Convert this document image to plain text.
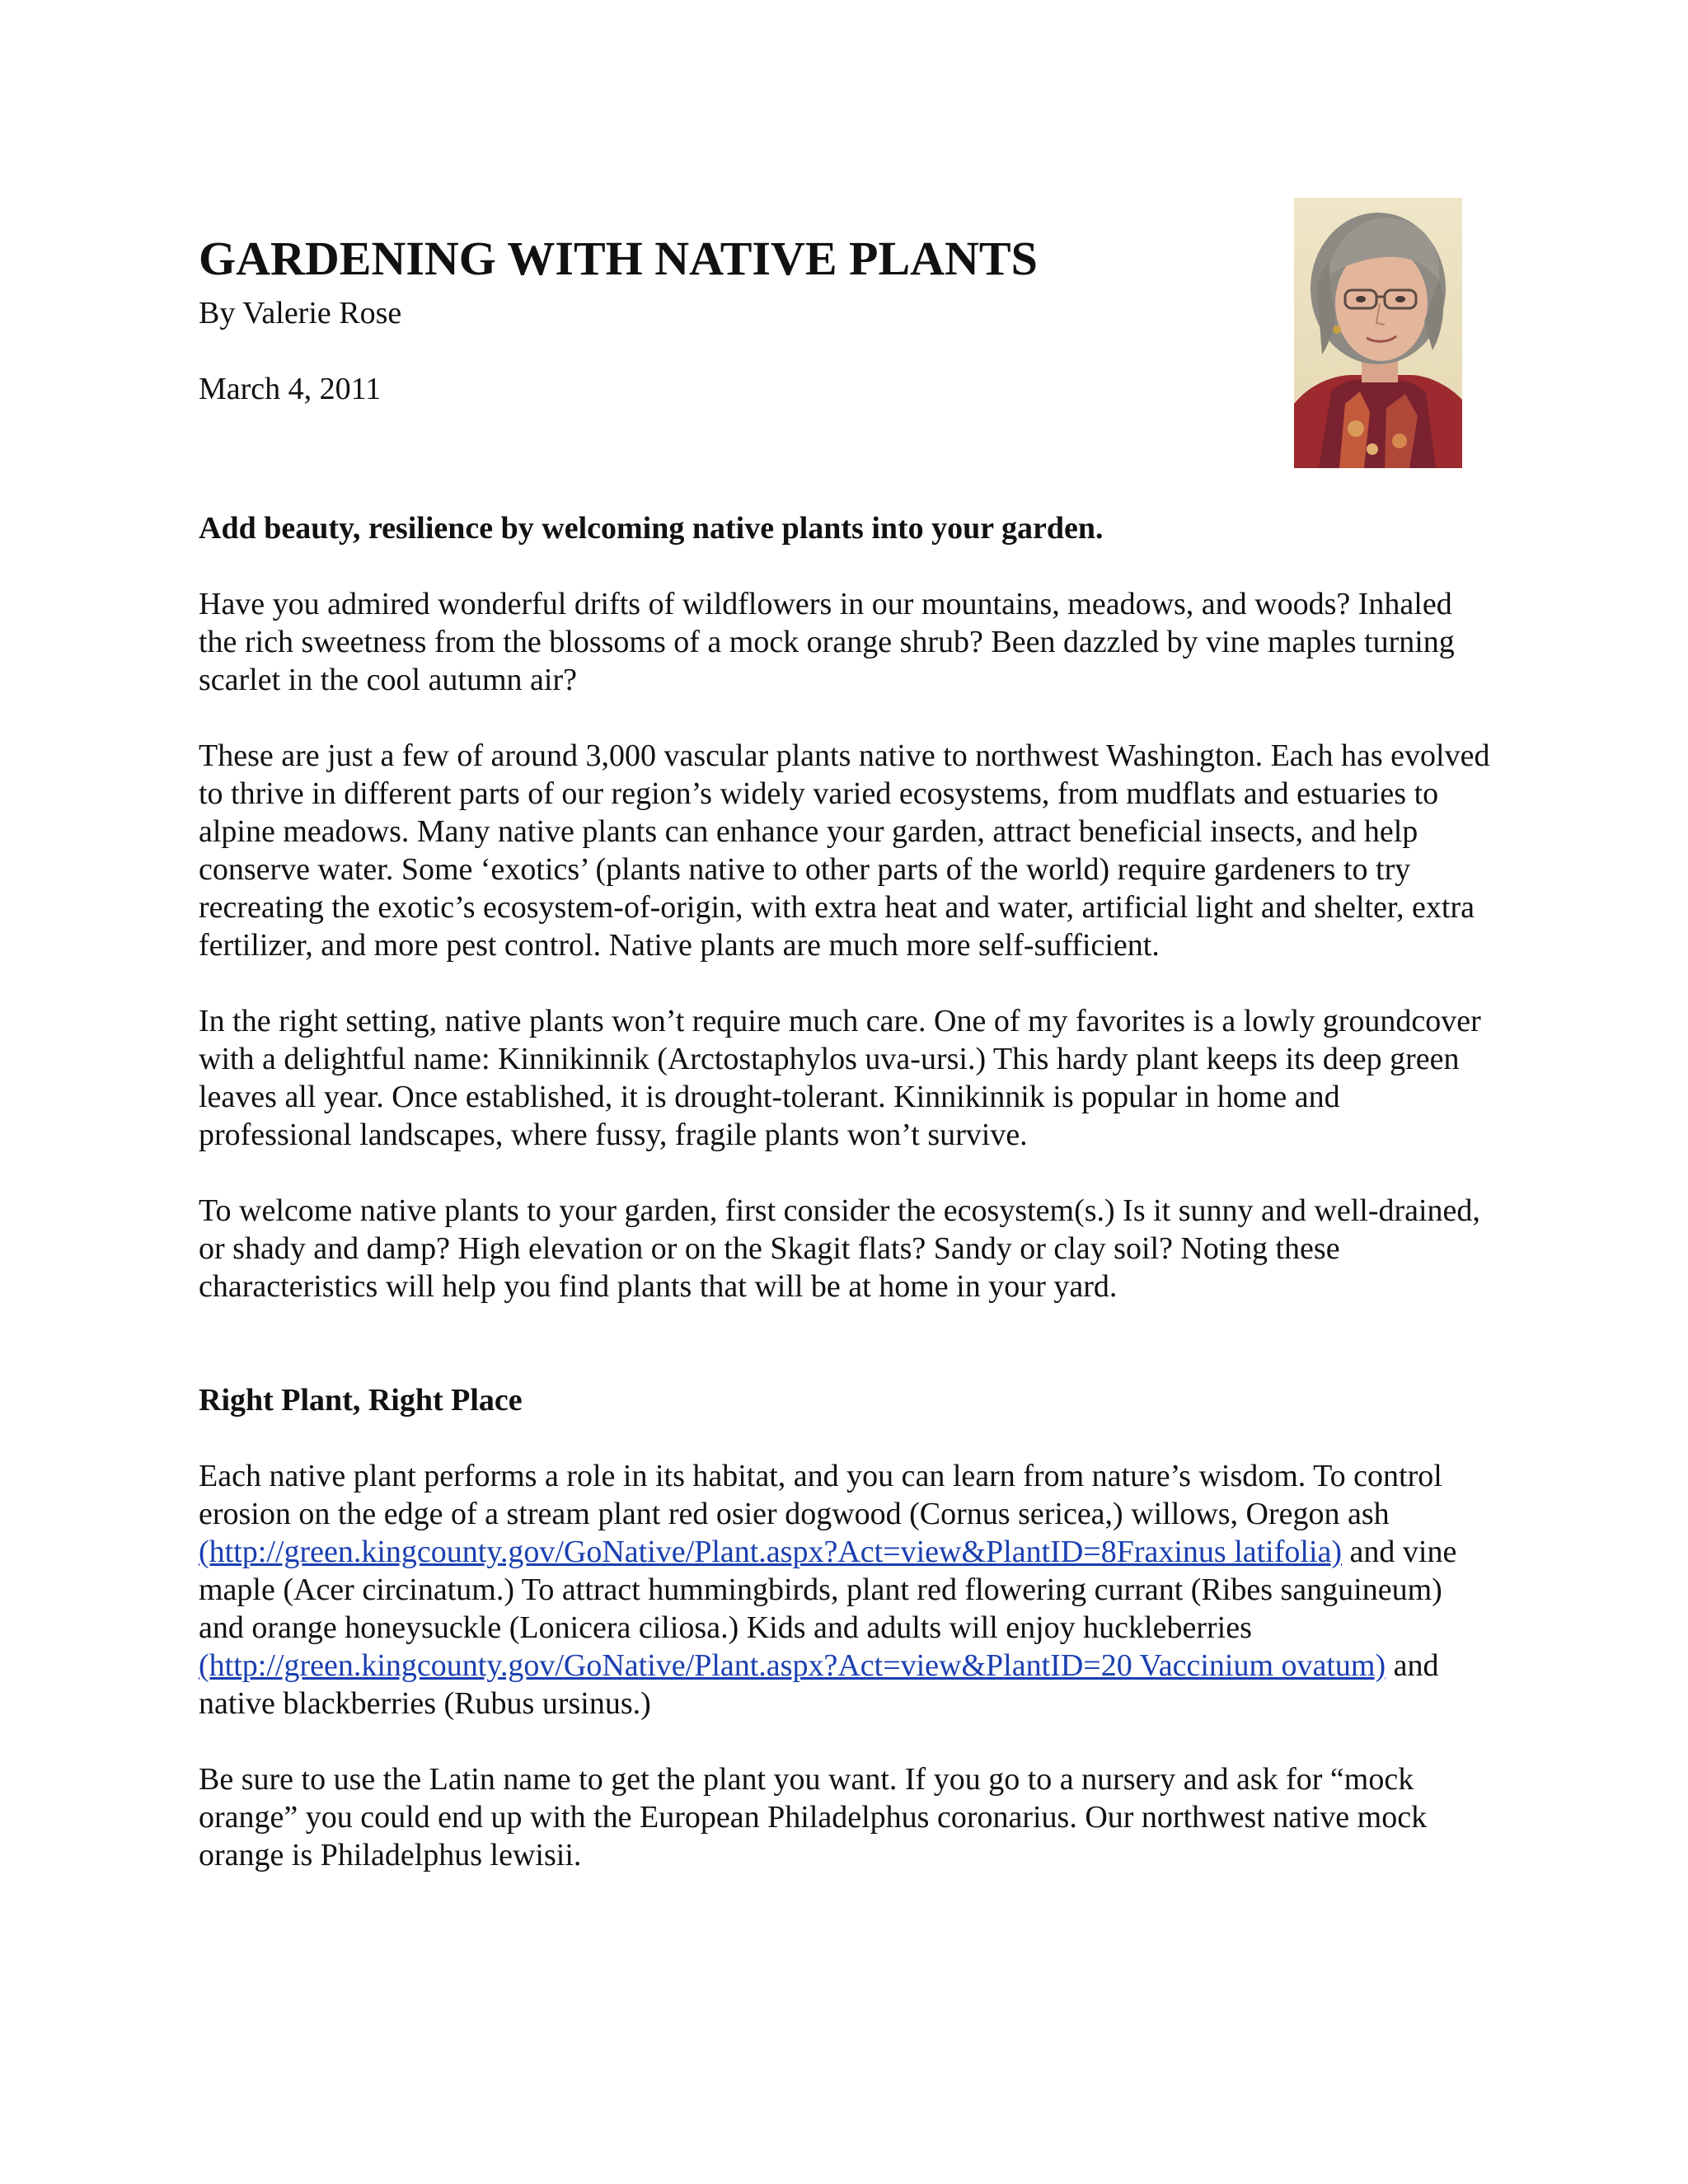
GARDENING WITH NATIVE PLANTS
By Valerie Rose
March 4, 2011

Add beauty, resilience by welcoming native plants into your garden.

Have you admired wonderful drifts of wildflowers in our mountains, meadows, and woods? Inhaled the rich sweetness from the blossoms of a mock orange shrub? Been dazzled by vine maples turning scarlet in the cool autumn air?

These are just a few of around 3,000 vascular plants native to northwest Washington. Each has evolved to thrive in different parts of our region’s widely varied ecosystems, from mudflats and estuaries to alpine meadows. Many native plants can enhance your garden, attract beneficial insects, and help conserve water. Some ‘exotics’ (plants native to other parts of the world) require gardeners to try recreating the exotic’s ecosystem-of-origin, with extra heat and water, artificial light and shelter, extra fertilizer, and more pest control. Native plants are much more self-sufficient.

In the right setting, native plants won’t require much care. One of my favorites is a lowly groundcover with a delightful name: Kinnikinnik (Arctostaphylos uva-ursi.) This hardy plant keeps its deep green leaves all year. Once established, it is drought-tolerant. Kinnikinnik is popular in home and professional landscapes, where fussy, fragile plants won’t survive.

To welcome native plants to your garden, first consider the ecosystem(s.) Is it sunny and well-drained, or shady and damp? High elevation or on the Skagit flats? Sandy or clay soil? Noting these characteristics will help you find plants that will be at home in your yard.

Right Plant, Right Place

Each native plant performs a role in its habitat, and you can learn from nature’s wisdom. To control erosion on the edge of a stream plant red osier dogwood (Cornus sericea,) willows, Oregon ash (http://green.kingcounty.gov/GoNative/Plant.aspx?Act=view&PlantID=8Fraxinus latifolia) and vine maple (Acer circinatum.) To attract hummingbirds, plant red flowering currant (Ribes sanguineum) and orange honeysuckle (Lonicera ciliosa.) Kids and adults will enjoy huckleberries (http://green.kingcounty.gov/GoNative/Plant.aspx?Act=view&PlantID=20 Vaccinium ovatum) and native blackberries (Rubus ursinus.)

Be sure to use the Latin name to get the plant you want. If you go to a nursery and ask for “mock orange” you could end up with the European Philadelphus coronarius. Our northwest native mock orange is Philadelphus lewisii.
